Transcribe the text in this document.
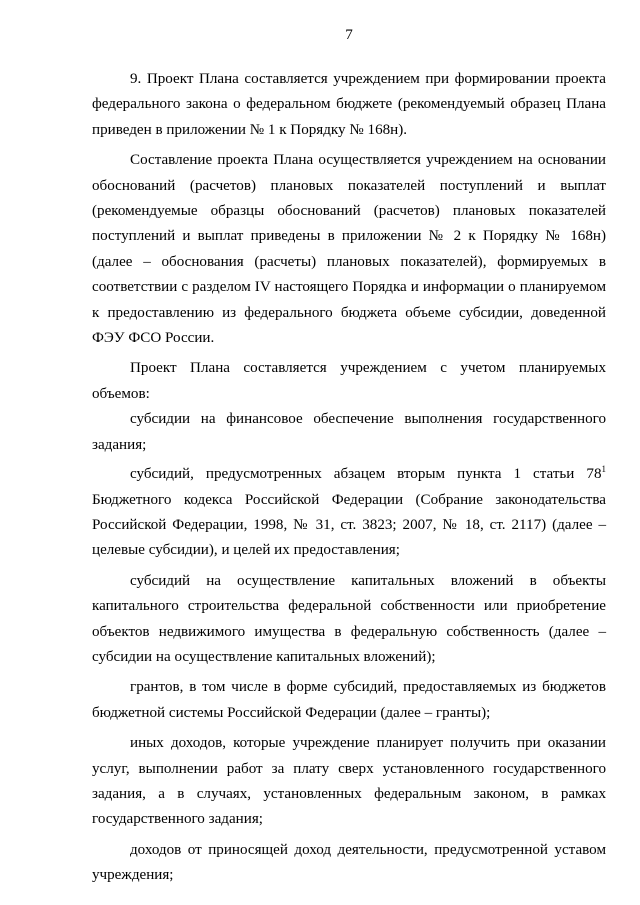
7

9. Проект Плана составляется учреждением при формировании проекта федерального закона о федеральном бюджете (рекомендуемый образец Плана приведен в приложении № 1 к Порядку № 168н).

Составление проекта Плана осуществляется учреждением на основании обоснований (расчетов) плановых показателей поступлений и выплат (рекомендуемые образцы обоснований (расчетов) плановых показателей поступлений и выплат приведены в приложении № 2 к Порядку № 168н) (далее – обоснования (расчеты) плановых показателей), формируемых в соответствии с разделом IV настоящего Порядка и информации о планируемом к предоставлению из федерального бюджета объеме субсидии, доведенной ФЭУ ФСО России.

Проект Плана составляется учреждением с учетом планируемых объемов:

субсидии на финансовое обеспечение выполнения государственного задания;

субсидий, предусмотренных абзацем вторым пункта 1 статьи $78^1$ Бюджетного кодекса Российской Федерации (Собрание законодательства Российской Федерации, 1998, № 31, ст. 3823; 2007, № 18, ст. 2117) (далее – целевые субсидии), и целей их предоставления;

субсидий на осуществление капитальных вложений в объекты капитального строительства федеральной собственности или приобретение объектов недвижимого имущества в федеральную собственность (далее – субсидии на осуществление капитальных вложений);

грантов, в том числе в форме субсидий, предоставляемых из бюджетов бюджетной системы Российской Федерации (далее – гранты);

иных доходов, которые учреждение планирует получить при оказании услуг, выполнении работ за плату сверх установленного государственного задания, а в случаях, установленных федеральным законом, в рамках государственного задания;

доходов от приносящей доход деятельности, предусмотренной уставом учреждения;
